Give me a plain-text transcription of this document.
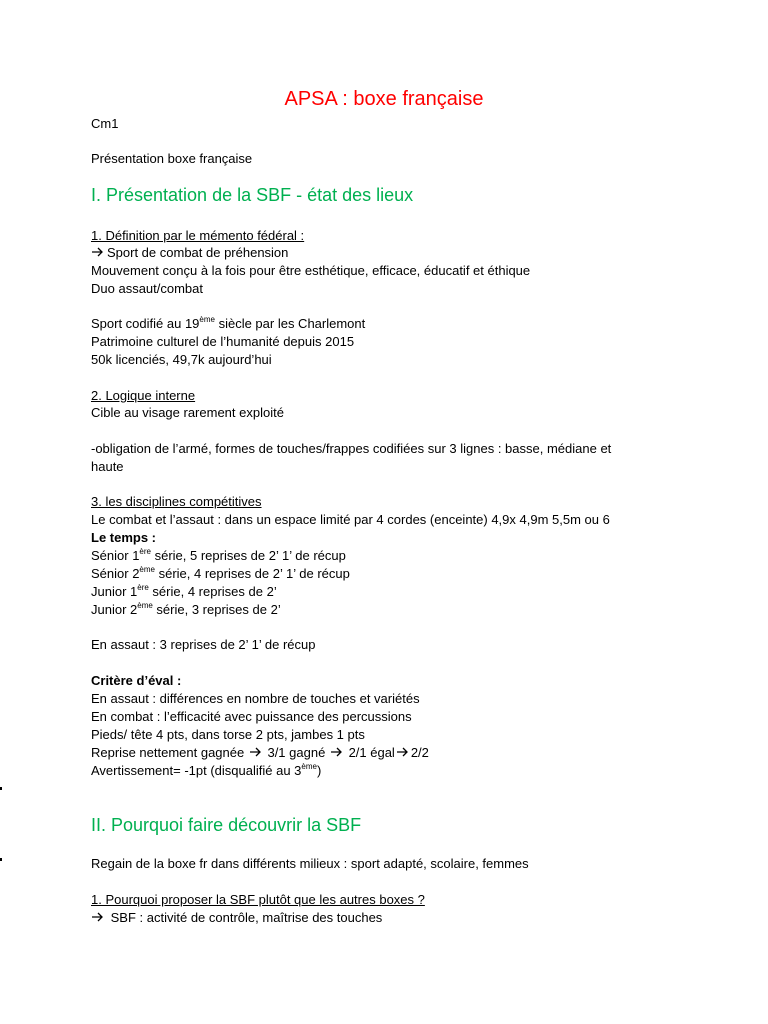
APSA : boxe française
Cm1
Présentation boxe française
I. Présentation de la SBF - état des lieux
1. Définition par le mémento fédéral :
Sport de combat de préhension
Mouvement conçu à la fois pour être esthétique, efficace, éducatif et éthique
Duo assaut/combat
Sport codifié au 19ème siècle par les Charlemont
Patrimoine culturel de l’humanité depuis 2015
50k licenciés, 49,7k aujourd’hui
2. Logique interne
Cible au visage rarement exploité
-obligation de l’armé, formes de touches/frappes codifiées sur 3 lignes : basse, médiane et
haute
3. les disciplines compétitives
Le combat et l’assaut : dans un espace limité par 4 cordes (enceinte) 4,9x 4,9m 5,5m ou 6
Le temps :
Sénior 1ère série, 5 reprises de 2’ 1’ de récup
Sénior 2ème série, 4 reprises de 2’ 1’ de récup
Junior 1ère série, 4 reprises de 2’
Junior 2ème série, 3 reprises de 2’
En assaut : 3 reprises de 2’ 1’ de récup
Critère d’éval :
En assaut : différences en nombre de touches et variétés
En combat : l’efficacité avec puissance des percussions
Pieds/ tête 4 pts, dans torse 2 pts, jambes 1 pts
Reprise nettement gagnée 3/1 gagné 2/1 égal 2/2
Avertissement= -1pt (disqualifié au 3ème)
II. Pourquoi faire découvrir la SBF
Regain de la boxe fr dans différents milieux : sport adapté, scolaire, femmes
1. Pourquoi proposer la SBF plutôt que les autres boxes ?
SBF : activité de contrôle, maîtrise des touches
